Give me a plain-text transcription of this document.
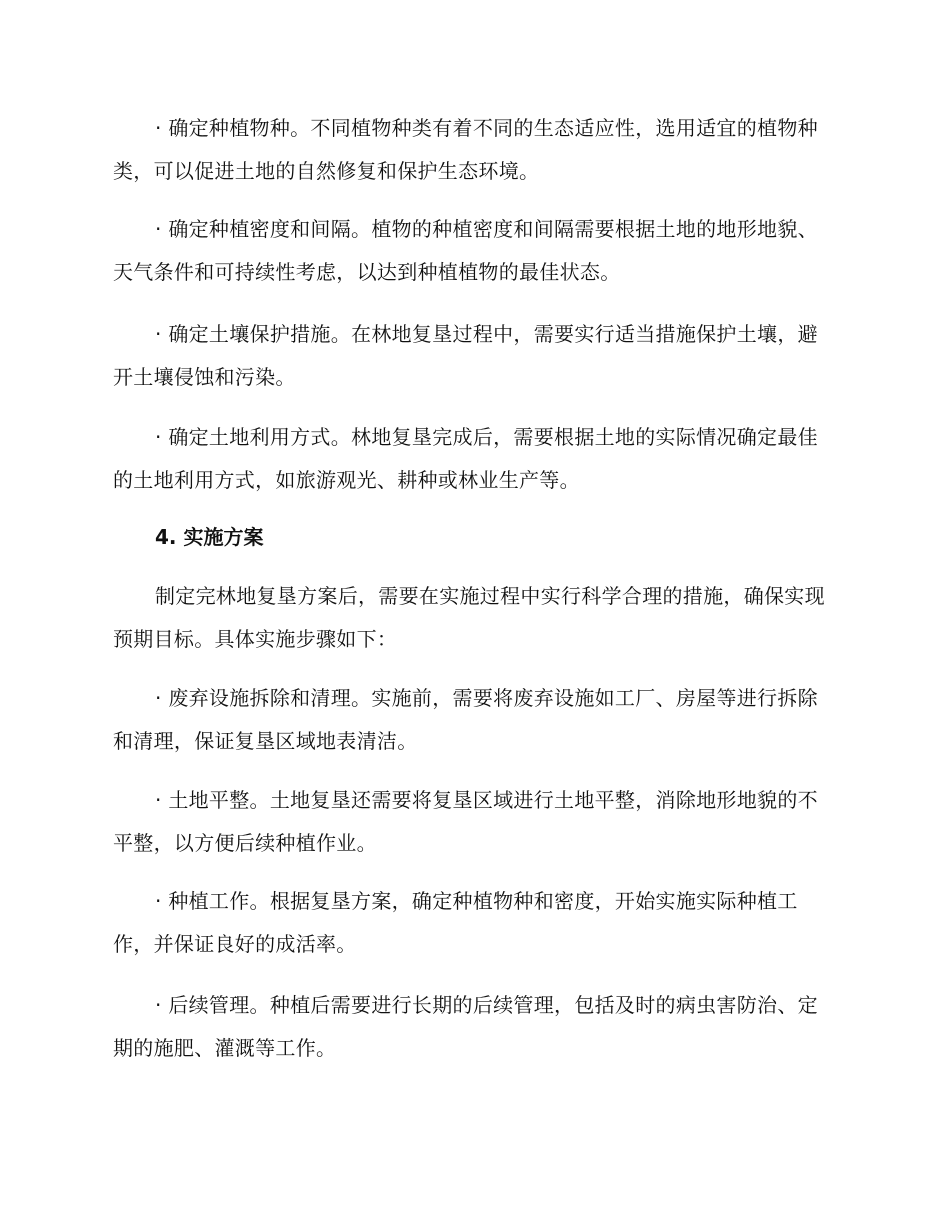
· 确定种植物种。不同植物种类有着不同的生态适应性，选用适宜的植物种类，可以促进土地的自然修复和保护生态环境。

· 确定种植密度和间隔。植物的种植密度和间隔需要根据土地的地形地貌、天气条件和可持续性考虑，以达到种植植物的最佳状态。

· 确定土壤保护措施。在林地复垦过程中，需要实行适当措施保护土壤，避开土壤侵蚀和污染。

· 确定土地利用方式。林地复垦完成后，需要根据土地的实际情况确定最佳的土地利用方式，如旅游观光、耕种或林业生产等。

4. 实施方案

制定完林地复垦方案后，需要在实施过程中实行科学合理的措施，确保实现预期目标。具体实施步骤如下：

· 废弃设施拆除和清理。实施前，需要将废弃设施如工厂、房屋等进行拆除和清理，保证复垦区域地表清洁。

· 土地平整。土地复垦还需要将复垦区域进行土地平整，消除地形地貌的不平整，以方便后续种植作业。

· 种植工作。根据复垦方案，确定种植物种和密度，开始实施实际种植工作，并保证良好的成活率。

· 后续管理。种植后需要进行长期的后续管理，包括及时的病虫害防治、定期的施肥、灌溉等工作。
